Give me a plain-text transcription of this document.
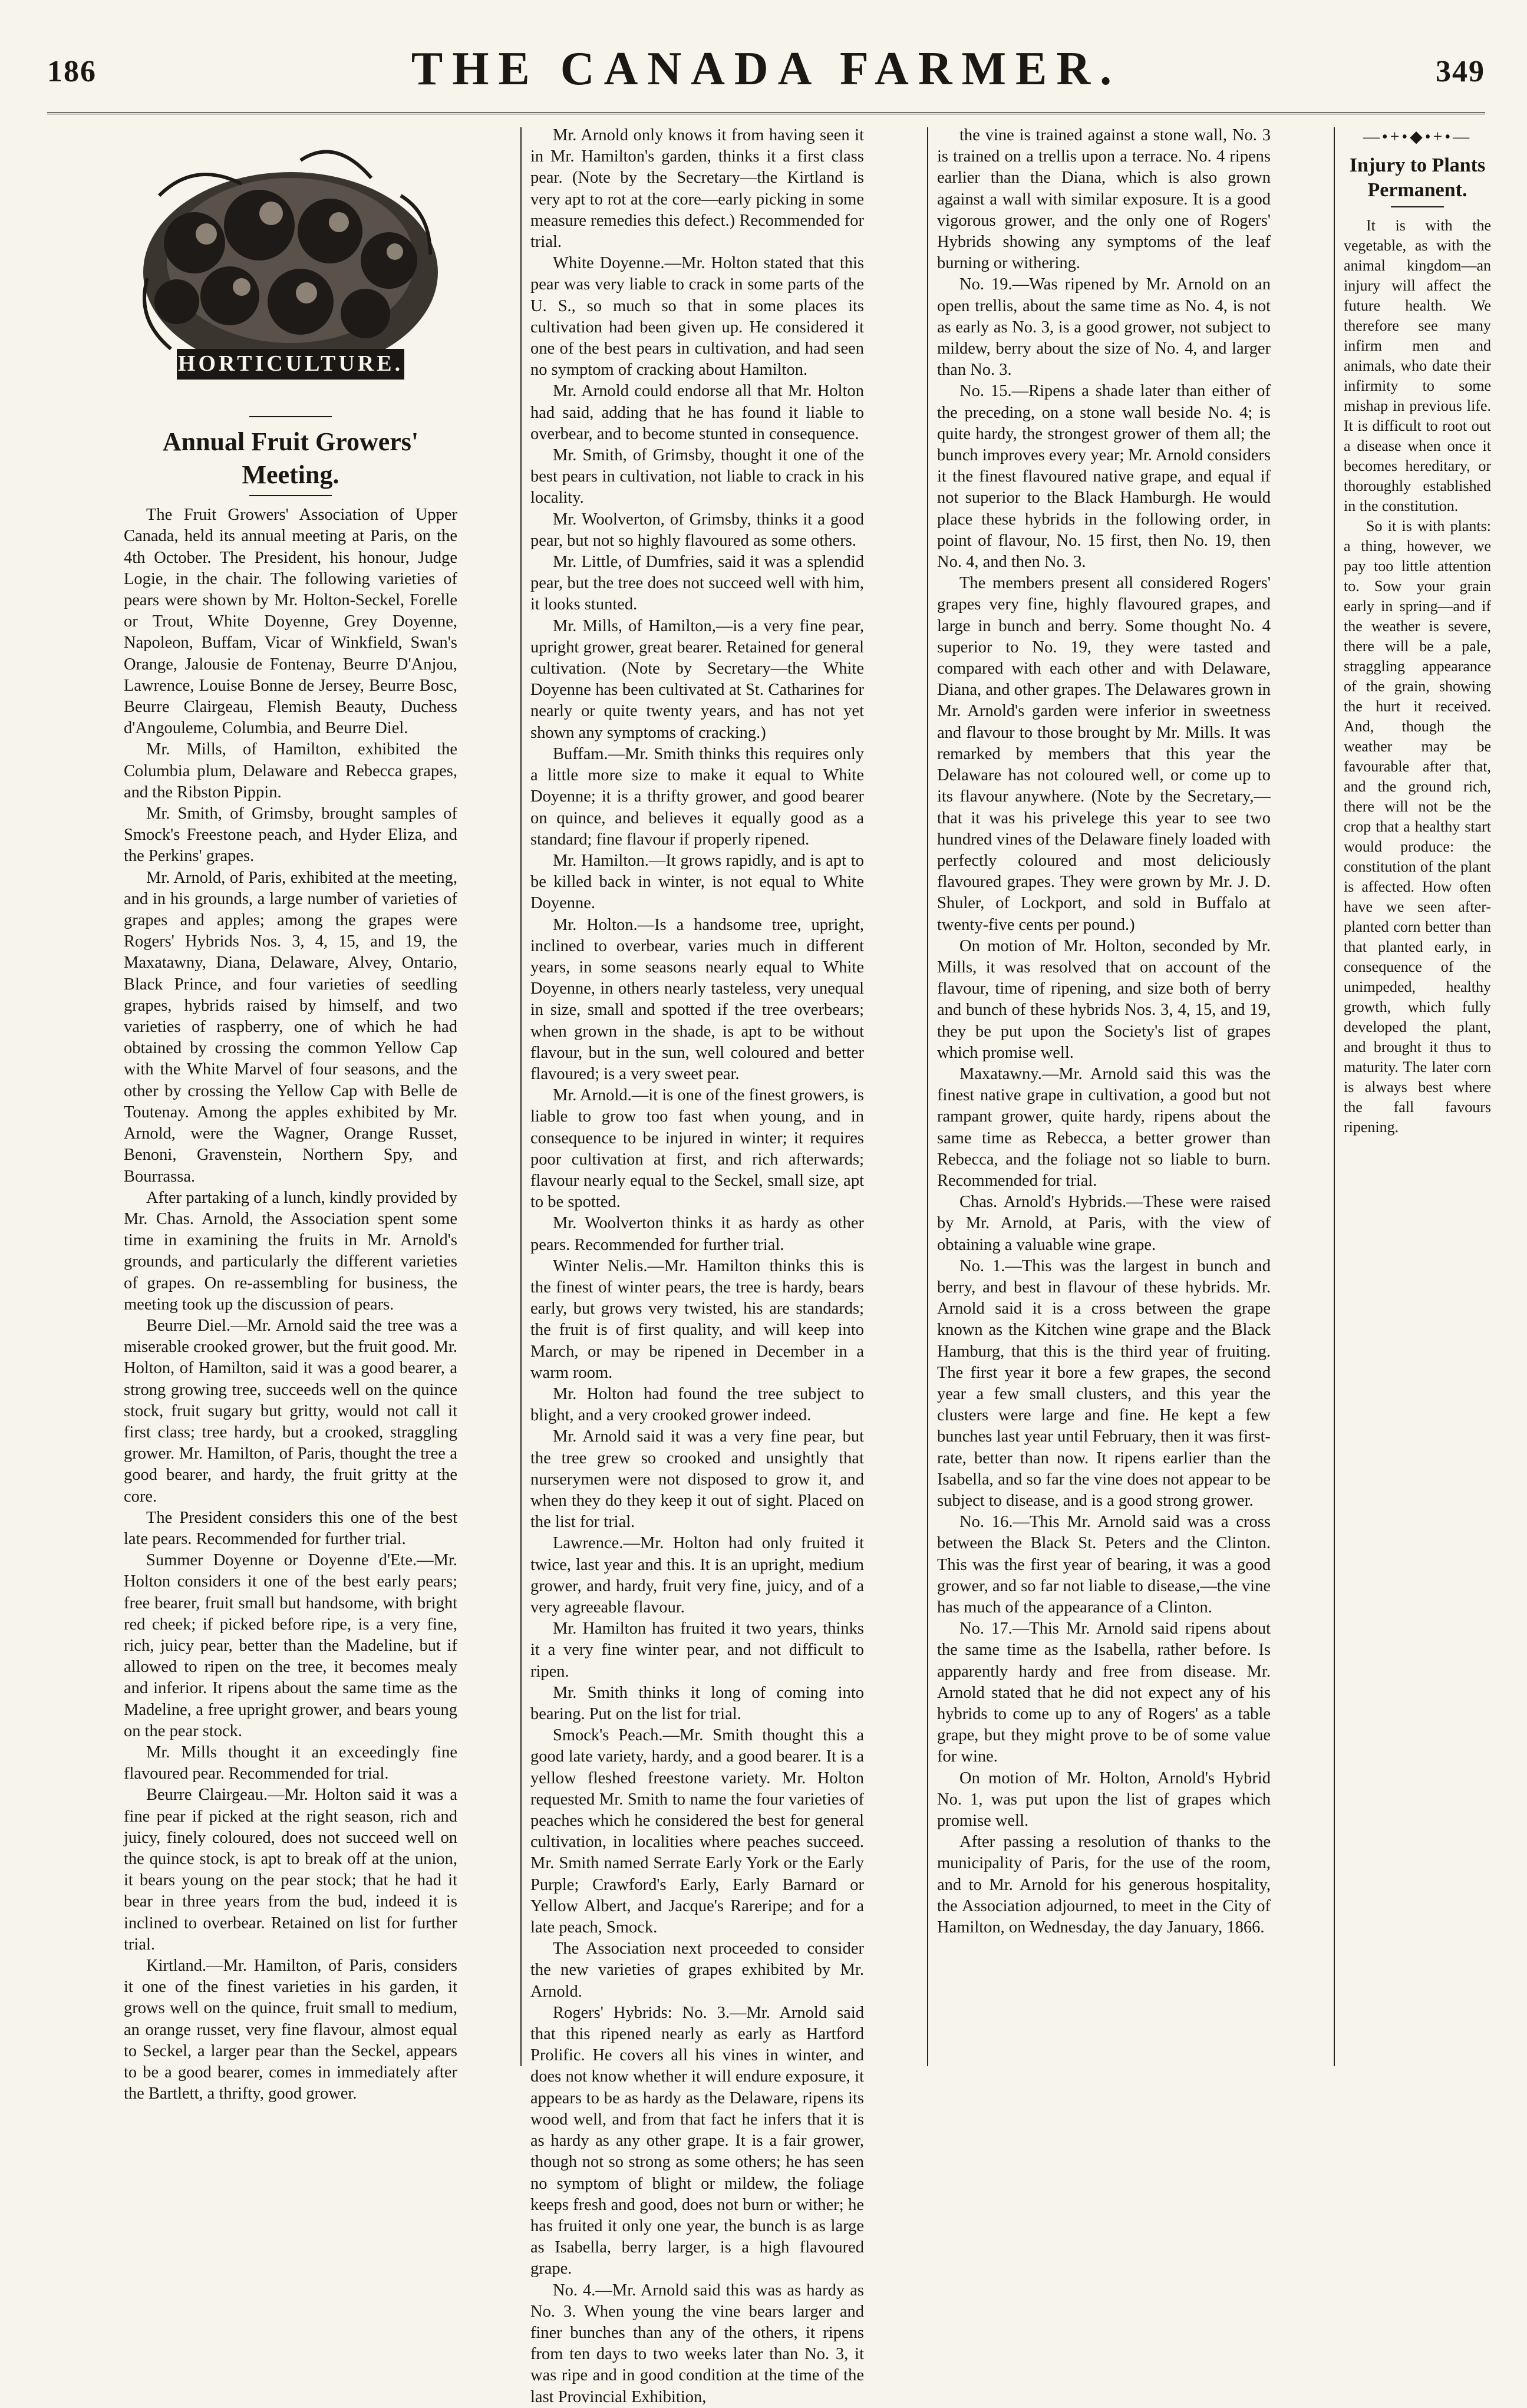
186	THE CANADA FARMER.	349
HORTICULTURE.
Annual Fruit Growers' Meeting.

The Fruit Growers' Association of Upper Canada, held its annual meeting at Paris, on the 4th October. The President, his honour, Judge Logie, in the chair. The following varieties of pears were shown by Mr. Holton-Seckel, Forelle or Trout, White Doyenne, Grey Doyenne, Napoleon, Buffam, Vicar of Winkfield, Swan's Orange, Jalousie de Fontenay, Beurre D'Anjou, Lawrence, Louise Bonne de Jersey, Beurre Bosc, Beurre Clairgeau, Flemish Beauty, Duchess d'Angouleme, Columbia, and Beurre Diel.

Mr. Mills, of Hamilton, exhibited the Columbia plum, Delaware and Rebecca grapes, and the Ribston Pippin.

Mr. Smith, of Grimsby, brought samples of Smock's Freestone peach, and Hyder Eliza, and the Perkins' grapes.

Mr. Arnold, of Paris, exhibited at the meeting, and in his grounds, a large number of varieties of grapes and apples; among the grapes were Rogers' Hybrids Nos. 3, 4, 15, and 19, the Maxatawny, Diana, Delaware, Alvey, Ontario, Black Prince, and four varieties of seedling grapes, hybrids raised by himself, and two varieties of raspberry, one of which he had obtained by crossing the common Yellow Cap with the White Marvel of four seasons, and the other by crossing the Yellow Cap with Belle de Toutenay. Among the apples exhibited by Mr. Arnold, were the Wagner, Orange Russet, Benoni, Gravenstein, Northern Spy, and Bourrassa.

After partaking of a lunch, kindly provided by Mr. Chas. Arnold, the Association spent some time in examining the fruits in Mr. Arnold's grounds, and particularly the different varieties of grapes. On re-assembling for business, the meeting took up the discussion of pears.

Beurre Diel.—Mr. Arnold said the tree was a miserable crooked grower, but the fruit good. Mr. Holton, of Hamilton, said it was a good bearer, a strong growing tree, succeeds well on the quince stock, fruit sugary but gritty, would not call it first class; tree hardy, but a crooked, straggling grower. Mr. Hamilton, of Paris, thought the tree a good bearer, and hardy, the fruit gritty at the core.

The President considers this one of the best late pears. Recommended for further trial.

Summer Doyenne or Doyenne d'Ete.—Mr. Holton considers it one of the best early pears; free bearer, fruit small but handsome, with bright red cheek; if picked before ripe, is a very fine, rich, juicy pear, better than the Madeline, but if allowed to ripen on the tree, it becomes mealy and inferior. It ripens about the same time as the Madeline, a free upright grower, and bears young on the pear stock.

Mr. Mills thought it an exceedingly fine flavoured pear. Recommended for trial.

Beurre Clairgeau.—Mr. Holton said it was a fine pear if picked at the right season, rich and juicy, finely coloured, does not succeed well on the quince stock, is apt to break off at the union, it bears young on the pear stock; that he had it bear in three years from the bud, indeed it is inclined to overbear. Retained on list for further trial.

Kirtland.—Mr. Hamilton, of Paris, considers it one of the finest varieties in his garden, it grows well on the quince, fruit small to medium, an orange russet, very fine flavour, almost equal to Seckel, a larger pear than the Seckel, appears to be a good bearer, comes in immediately after the Bartlett, a thrifty, good grower.

Mr. Arnold only knows it from having seen it in Mr. Hamilton's garden, thinks it a first class pear. (Note by the Secretary—the Kirtland is very apt to rot at the core—early picking in some measure remedies this defect.) Recommended for trial.

White Doyenne.—Mr. Holton stated that this pear was very liable to crack in some parts of the U. S., so much so that in some places its cultivation had been given up. He considered it one of the best pears in cultivation, and had seen no symptom of cracking about Hamilton.

Mr. Arnold could endorse all that Mr. Holton had said, adding that he has found it liable to overbear, and to become stunted in consequence.

Mr. Smith, of Grimsby, thought it one of the best pears in cultivation, not liable to crack in his locality.

Mr. Woolverton, of Grimsby, thinks it a good pear, but not so highly flavoured as some others.

Mr. Little, of Dumfries, said it was a splendid pear, but the tree does not succeed well with him, it looks stunted.

Mr. Mills, of Hamilton,—is a very fine pear, upright grower, great bearer. Retained for general cultivation. (Note by Secretary—the White Doyenne has been cultivated at St. Catharines for nearly or quite twenty years, and has not yet shown any symptoms of cracking.)

Buffam.—Mr. Smith thinks this requires only a little more size to make it equal to White Doyenne; it is a thrifty grower, and good bearer on quince, and believes it equally good as a standard; fine flavour if properly ripened.

Mr. Hamilton.—It grows rapidly, and is apt to be killed back in winter, is not equal to White Doyenne.

Mr. Holton.—Is a handsome tree, upright, inclined to overbear, varies much in different years, in some seasons nearly equal to White Doyenne, in others nearly tasteless, very unequal in size, small and spotted if the tree overbears; when grown in the shade, is apt to be without flavour, but in the sun, well coloured and better flavoured; is a very sweet pear.

Mr. Arnold.—it is one of the finest growers, is liable to grow too fast when young, and in consequence to be injured in winter; it requires poor cultivation at first, and rich afterwards; flavour nearly equal to the Seckel, small size, apt to be spotted.

Mr. Woolverton thinks it as hardy as other pears. Recommended for further trial.

Winter Nelis.—Mr. Hamilton thinks this is the finest of winter pears, the tree is hardy, bears early, but grows very twisted, his are standards; the fruit is of first quality, and will keep into March, or may be ripened in December in a warm room.

Mr. Holton had found the tree subject to blight, and a very crooked grower indeed.

Mr. Arnold said it was a very fine pear, but the tree grew so crooked and unsightly that nurserymen were not disposed to grow it, and when they do they keep it out of sight. Placed on the list for trial.

Lawrence.—Mr. Holton had only fruited it twice, last year and this. It is an upright, medium grower, and hardy, fruit very fine, juicy, and of a very agreeable flavour.

Mr. Hamilton has fruited it two years, thinks it a very fine winter pear, and not difficult to ripen.

Mr. Smith thinks it long of coming into bearing. Put on the list for trial.

Smock's Peach.—Mr. Smith thought this a good late variety, hardy, and a good bearer. It is a yellow fleshed freestone variety. Mr. Holton requested Mr. Smith to name the four varieties of peaches which he considered the best for general cultivation, in localities where peaches succeed. Mr. Smith named Serrate Early York or the Early Purple; Crawford's Early, Early Barnard or Yellow Albert, and Jacque's Rareripe; and for a late peach, Smock.

The Association next proceeded to consider the new varieties of grapes exhibited by Mr. Arnold.

Rogers' Hybrids: No. 3.—Mr. Arnold said that this ripened nearly as early as Hartford Prolific. He covers all his vines in winter, and does not know whether it will endure exposure, it appears to be as hardy as the Delaware, ripens its wood well, and from that fact he infers that it is as hardy as any other grape. It is a fair grower, though not so strong as some others; he has seen no symptom of blight or mildew, the foliage keeps fresh and good, does not burn or wither; he has fruited it only one year, the bunch is as large as Isabella, berry larger, is a high flavoured grape.

No. 4.—Mr. Arnold said this was as hardy as No. 3. When young the vine bears larger and finer bunches than any of the others, it ripens from ten days to two weeks later than No. 3, it was ripe and in good condition at the time of the last Provincial Exhibition,

the vine is trained against a stone wall, No. 3 is trained on a trellis upon a terrace. No. 4 ripens earlier than the Diana, which is also grown against a wall with similar exposure. It is a good vigorous grower, and the only one of Rogers' Hybrids showing any symptoms of the leaf burning or withering.

No. 19.—Was ripened by Mr. Arnold on an open trellis, about the same time as No. 4, is not as early as No. 3, is a good grower, not subject to mildew, berry about the size of No. 4, and larger than No. 3.

No. 15.—Ripens a shade later than either of the preceding, on a stone wall beside No. 4; is quite hardy, the strongest grower of them all; the bunch improves every year; Mr. Arnold considers it the finest flavoured native grape, and equal if not superior to the Black Hamburgh. He would place these hybrids in the following order, in point of flavour, No. 15 first, then No. 19, then No. 4, and then No. 3.

The members present all considered Rogers' grapes very fine, highly flavoured grapes, and large in bunch and berry. Some thought No. 4 superior to No. 19, they were tasted and compared with each other and with Delaware, Diana, and other grapes. The Delawares grown in Mr. Arnold's garden were inferior in sweetness and flavour to those brought by Mr. Mills. It was remarked by members that this year the Delaware has not coloured well, or come up to its flavour anywhere. (Note by the Secretary,—that it was his privelege this year to see two hundred vines of the Delaware finely loaded with perfectly coloured and most deliciously flavoured grapes. They were grown by Mr. J. D. Shuler, of Lockport, and sold in Buffalo at twenty-five cents per pound.)

On motion of Mr. Holton, seconded by Mr. Mills, it was resolved that on account of the flavour, time of ripening, and size both of berry and bunch of these hybrids Nos. 3, 4, 15, and 19, they be put upon the Society's list of grapes which promise well.

Maxatawny.—Mr. Arnold said this was the finest native grape in cultivation, a good but not rampant grower, quite hardy, ripens about the same time as Rebecca, a better grower than Rebecca, and the foliage not so liable to burn. Recommended for trial.

Chas. Arnold's Hybrids.—These were raised by Mr. Arnold, at Paris, with the view of obtaining a valuable wine grape.

No. 1.—This was the largest in bunch and berry, and best in flavour of these hybrids. Mr. Arnold said it is a cross between the grape known as the Kitchen wine grape and the Black Hamburg, that this is the third year of fruiting. The first year it bore a few grapes, the second year a few small clusters, and this year the clusters were large and fine. He kept a few bunches last year until February, then it was first-rate, better than now. It ripens earlier than the Isabella, and so far the vine does not appear to be subject to disease, and is a good strong grower.

No. 16.—This Mr. Arnold said was a cross between the Black St. Peters and the Clinton. This was the first year of bearing, it was a good grower, and so far not liable to disease,—the vine has much of the appearance of a Clinton.

No. 17.—This Mr. Arnold said ripens about the same time as the Isabella, rather before. Is apparently hardy and free from disease. Mr. Arnold stated that he did not expect any of his hybrids to come up to any of Rogers' as a table grape, but they might prove to be of some value for wine.

On motion of Mr. Holton, Arnold's Hybrid No. 1, was put upon the list of grapes which promise well.

After passing a resolution of thanks to the municipality of Paris, for the use of the room, and to Mr. Arnold for his generous hospitality, the Association adjourned, to meet in the City of Hamilton, on Wednesday, the day January, 1866.

—•+•◆•+•—
Injury to Plants Permanent.

It is with the vegetable, as with the animal kingdom—an injury will affect the future health. We therefore see many infirm men and animals, who date their infirmity to some mishap in previous life. It is difficult to root out a disease when once it becomes hereditary, or thoroughly established in the constitution.

So it is with plants: a thing, however, we pay too little attention to. Sow your grain early in spring—and if the weather is severe, there will be a pale, straggling appearance of the grain, showing the hurt it received. And, though the weather may be favourable after that, and the ground rich, there will not be the crop that a healthy start would produce: the constitution of the plant is affected. How often have we seen after-planted corn better than that planted early, in consequence of the unimpeded, healthy growth, which fully developed the plant, and brought it thus to maturity. The later corn is always best where the fall favours ripening.
